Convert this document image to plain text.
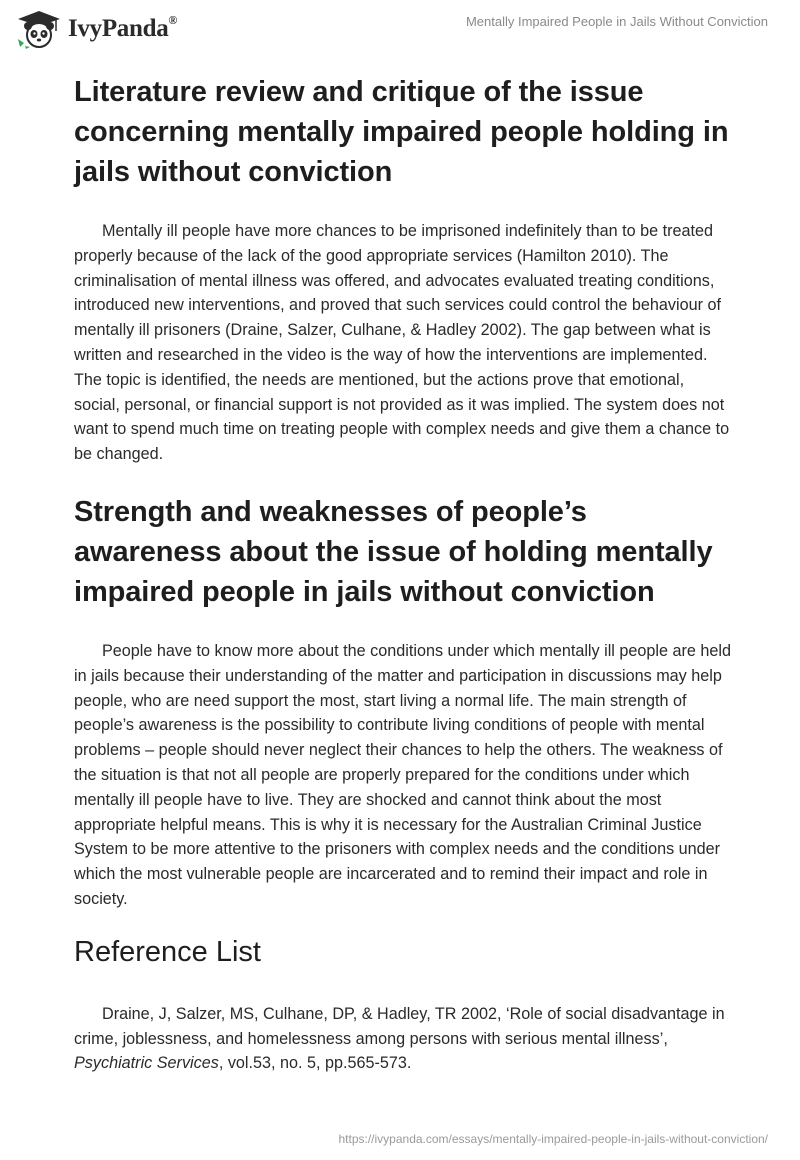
IvyPanda®	Mentally Impaired People in Jails Without Conviction
Literature review and critique of the issue concerning mentally impaired people holding in jails without conviction

Mentally ill people have more chances to be imprisoned indefinitely than to be treated properly because of the lack of the good appropriate services (Hamilton 2010). The criminalisation of mental illness was offered, and advocates evaluated treating conditions, introduced new interventions, and proved that such services could control the behaviour of mentally ill prisoners (Draine, Salzer, Culhane, & Hadley 2002). The gap between what is written and researched in the video is the way of how the interventions are implemented. The topic is identified, the needs are mentioned, but the actions prove that emotional, social, personal, or financial support is not provided as it was implied. The system does not want to spend much time on treating people with complex needs and give them a chance to be changed.

Strength and weaknesses of people’s awareness about the issue of holding mentally impaired people in jails without conviction

People have to know more about the conditions under which mentally ill people are held in jails because their understanding of the matter and participation in discussions may help people, who are need support the most, start living a normal life. The main strength of people’s awareness is the possibility to contribute living conditions of people with mental problems – people should never neglect their chances to help the others. The weakness of the situation is that not all people are properly prepared for the conditions under which mentally ill people have to live. They are shocked and cannot think about the most appropriate helpful means. This is why it is necessary for the Australian Criminal Justice System to be more attentive to the prisoners with complex needs and the conditions under which the most vulnerable people are incarcerated and to remind their impact and role in society.

Reference List

Draine, J, Salzer, MS, Culhane, DP, & Hadley, TR 2002, ‘Role of social disadvantage in crime, joblessness, and homelessness among persons with serious mental illness’, Psychiatric Services, vol.53, no. 5, pp.565-573.

https://ivypanda.com/essays/mentally-impaired-people-in-jails-without-conviction/
